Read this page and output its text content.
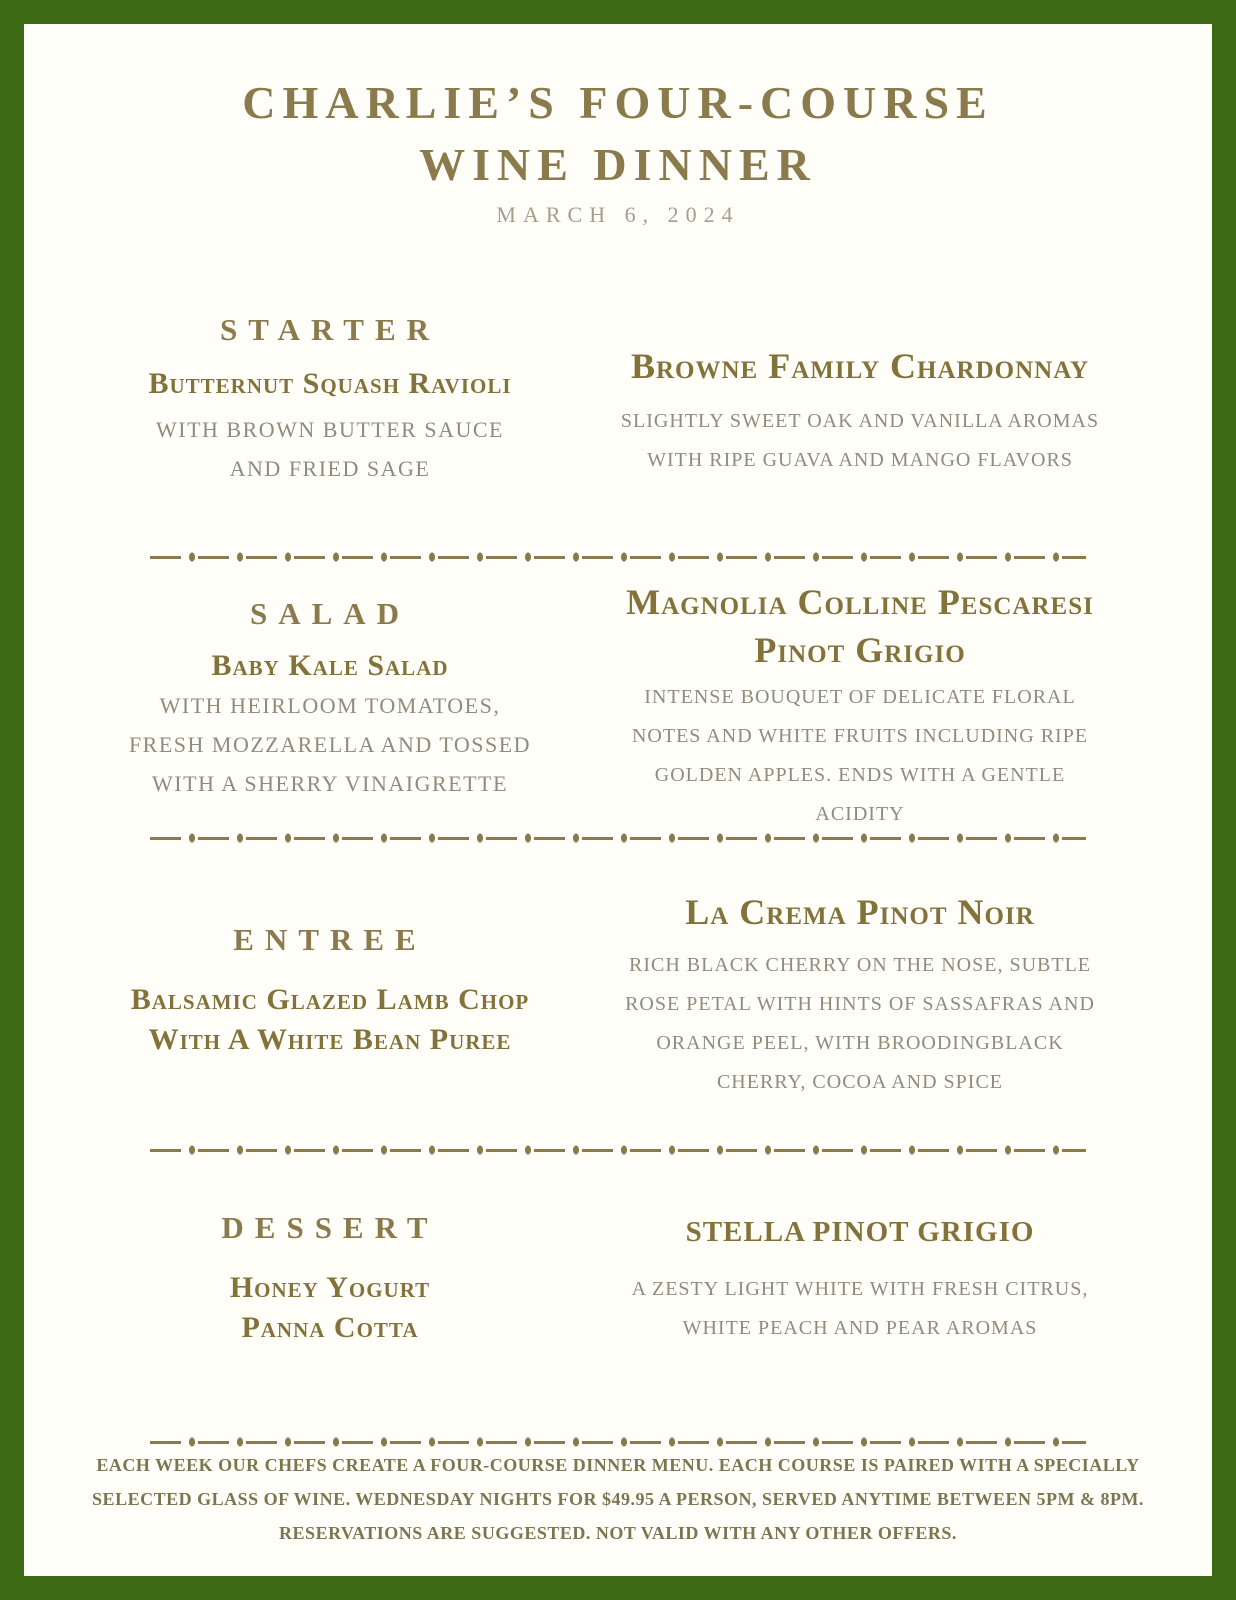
CHARLIE’S FOUR-COURSE
WINE DINNER
MARCH 6, 2024
STARTER
Butternut Squash Ravioli
WITH BROWN BUTTER SAUCE
AND FRIED SAGE
Browne Family Chardonnay
SLIGHTLY SWEET OAK AND VANILLA AROMAS
WITH RIPE GUAVA AND MANGO FLAVORS
SALAD
Baby Kale Salad
WITH HEIRLOOM TOMATOES,
FRESH MOZZARELLA AND TOSSED
WITH A SHERRY VINAIGRETTE
Magnolia Colline Pescaresi
Pinot Grigio
INTENSE BOUQUET OF DELICATE FLORAL
NOTES AND WHITE FRUITS INCLUDING RIPE
GOLDEN APPLES. ENDS WITH A GENTLE
ACIDITY
ENTREE
Balsamic Glazed Lamb Chop
With A White Bean Puree
La Crema Pinot Noir
RICH BLACK CHERRY ON THE NOSE, SUBTLE
ROSE PETAL WITH HINTS OF SASSAFRAS AND
ORANGE PEEL, WITH BROODINGBLACK
CHERRY, COCOA AND SPICE
DESSERT
Honey Yogurt
Panna Cotta
STELLA PINOT GRIGIO
A ZESTY LIGHT WHITE WITH FRESH CITRUS,
WHITE PEACH AND PEAR AROMAS
EACH WEEK OUR CHEFS CREATE A FOUR-COURSE DINNER MENU. EACH COURSE IS PAIRED WITH A SPECIALLY
SELECTED GLASS OF WINE. WEDNESDAY NIGHTS FOR $49.95 A PERSON, SERVED ANYTIME BETWEEN 5PM & 8PM.
RESERVATIONS ARE SUGGESTED. NOT VALID WITH ANY OTHER OFFERS.
